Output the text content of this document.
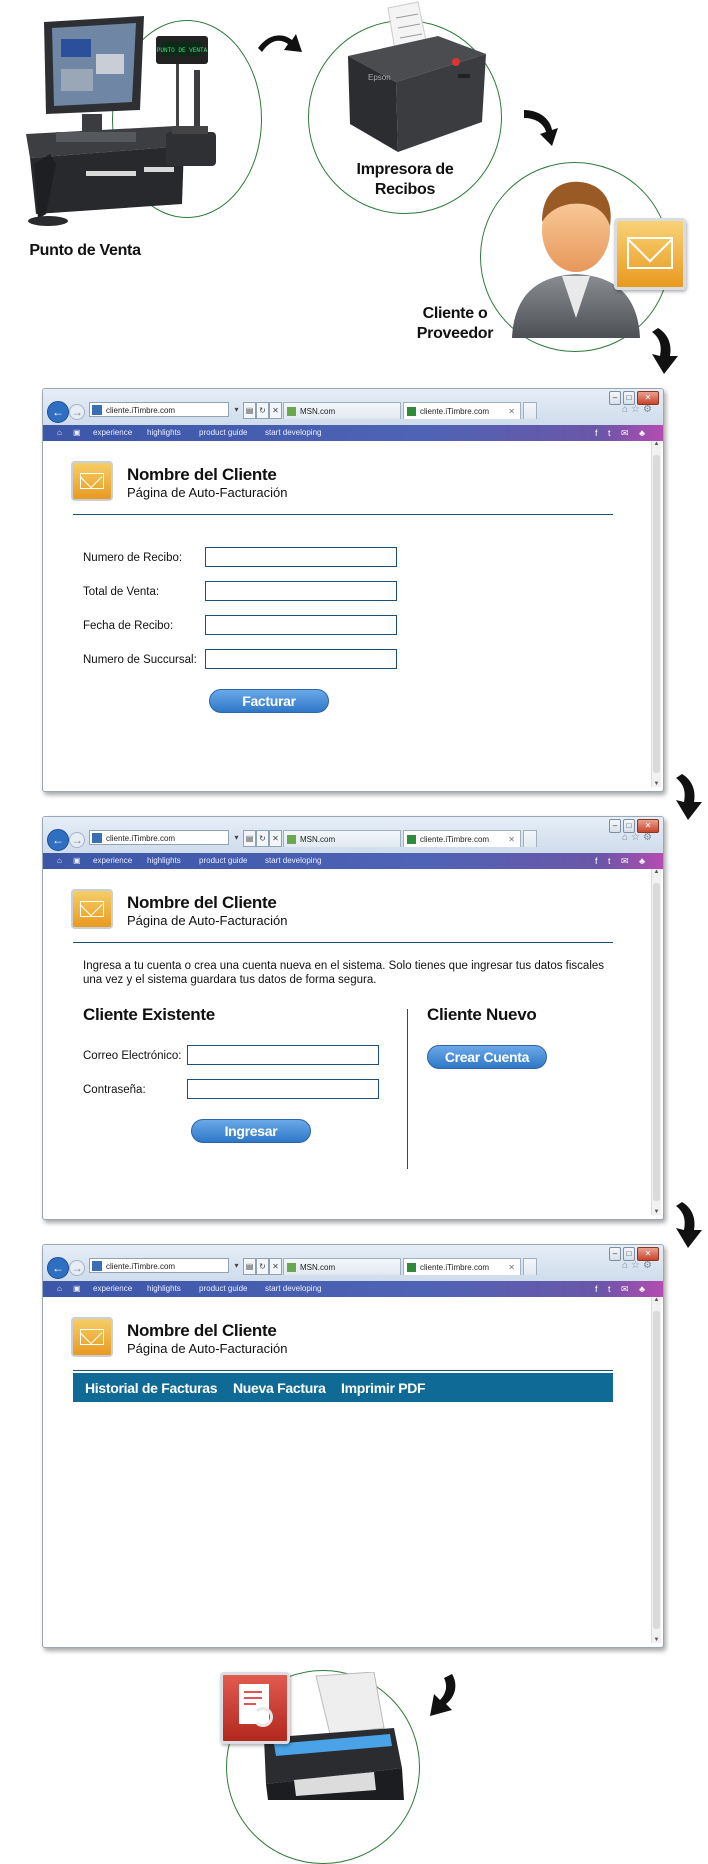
PUNTO DE VENTA
Punto de Venta
Epson
Impresora de
Recibos
Cliente o
Proveedor
–	□	✕
← →	cliente.iTimbre.com	▾ ▤ ↻ ✕	MSN.com	cliente.iTimbre.com ✕	⌂☆⚙
⌂ ▣ experience highlights product guide start developing	f t ✉ ♣
▲
▼
Nombre del Cliente
Página de Auto-Facturación
Numero de Recibo:
Total de Venta:
Fecha de Recibo:
Numero de Succursal:
Facturar
–	□	✕
← →	cliente.iTimbre.com	▾ ▤ ↻ ✕	MSN.com	cliente.iTimbre.com ✕	⌂☆⚙
⌂ ▣ experience highlights product guide start developing	f t ✉ ♣
▲
▼
Nombre del Cliente
Página de Auto-Facturación
Ingresa a tu cuenta o crea una cuenta nueva en el sistema. Solo tienes que ingresar tus datos fiscales una vez y el sistema guardara tus datos de forma segura.
Cliente Existente
Correo Electrónico:
Contraseña:
Ingresar
Cliente Nuevo
Crear Cuenta
–	□	✕
← →	cliente.iTimbre.com	▾ ▤ ↻ ✕	MSN.com	cliente.iTimbre.com ✕	⌂☆⚙
⌂ ▣ experience highlights product guide start developing	f t ✉ ♣
▲
▼
Nombre del Cliente
Página de Auto-Facturación
Historial de Facturas Nueva Factura Imprimir PDF
